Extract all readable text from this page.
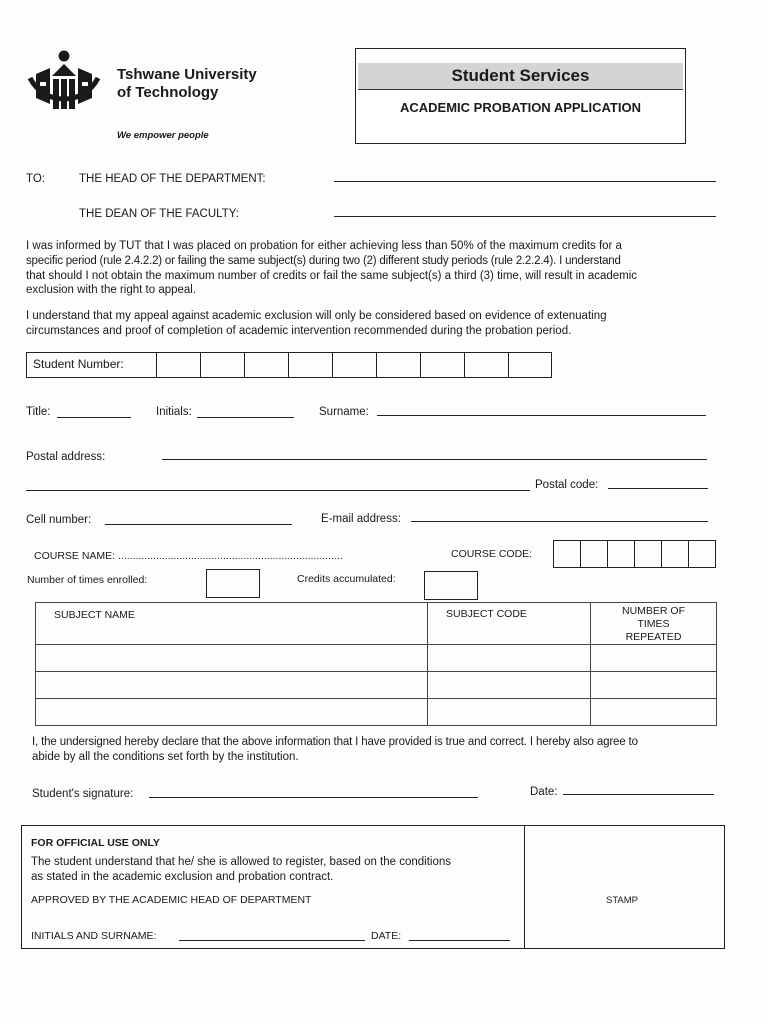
Tshwane University
of Technology
We empower people
Student Services
ACADEMIC PROBATION APPLICATION
TO:	THE HEAD OF THE DEPARTMENT:
THE DEAN OF THE FACULTY:
I was informed by TUT that I was placed on probation for either achieving less than 50% of the maximum credits for a
specific period (rule 2.4.2.2) or failing the same subject(s) during two (2) different study periods (rule 2.2.2.4). I understand
that should I not obtain the maximum number of credits or fail the same subject(s) a third (3) time, will result in academic
exclusion with the right to appeal.
I understand that my appeal against academic exclusion will only be considered based on evidence of extenuating
circumstances and proof of completion of academic intervention recommended during the probation period.
Student Number:
Title:	Initials:	Surname:
Postal address:
Postal code:
Cell number:	E-mail address:
COURSE NAME: .............................................................................	COURSE CODE:
Number of times enrolled:	Credits accumulated:
SUBJECT NAME	SUBJECT CODE	NUMBER OF TIMES REPEATED

I, the undersigned hereby declare that the above information that I have provided is true and correct. I hereby also agree to
abide by all the conditions set forth by the institution.
Student's signature:	Date:
FOR OFFICIAL USE ONLY
The student understand that he/ she is allowed to register, based on the conditions
as stated in the academic exclusion and probation contract.
APPROVED BY THE ACADEMIC HEAD OF DEPARTMENT
INITIALS AND SURNAME:	DATE:
STAMP
